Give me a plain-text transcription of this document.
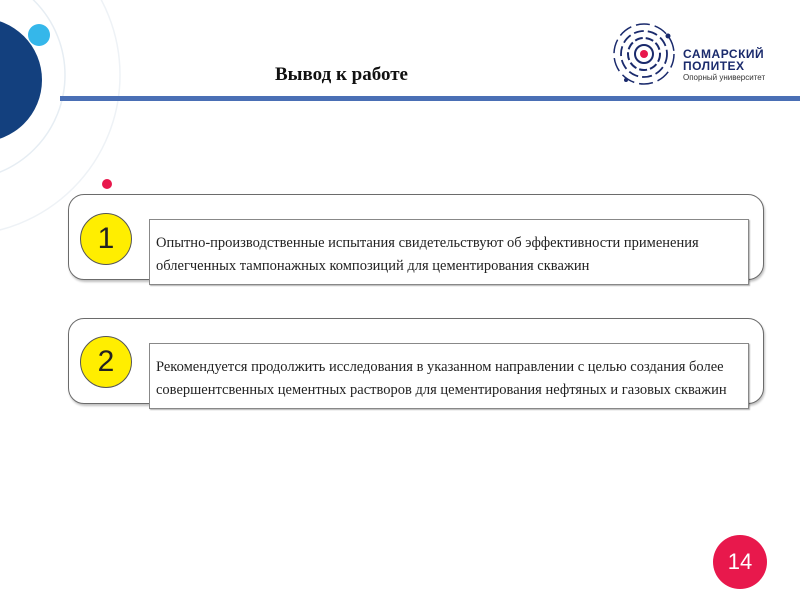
Вывод к работе
САМАРСКИЙ
ПОЛИТЕХ
Опорный университет
1	Опытно-производственные испытания свидетельствуют об эффективности применения облегченных тампонажных композиций для цементирования скважин
2	Рекомендуется продолжить исследования в указанном направлении с целью создания более совершентсвенных цементных растворов для цементирования нефтяных и газовых скважин
14
